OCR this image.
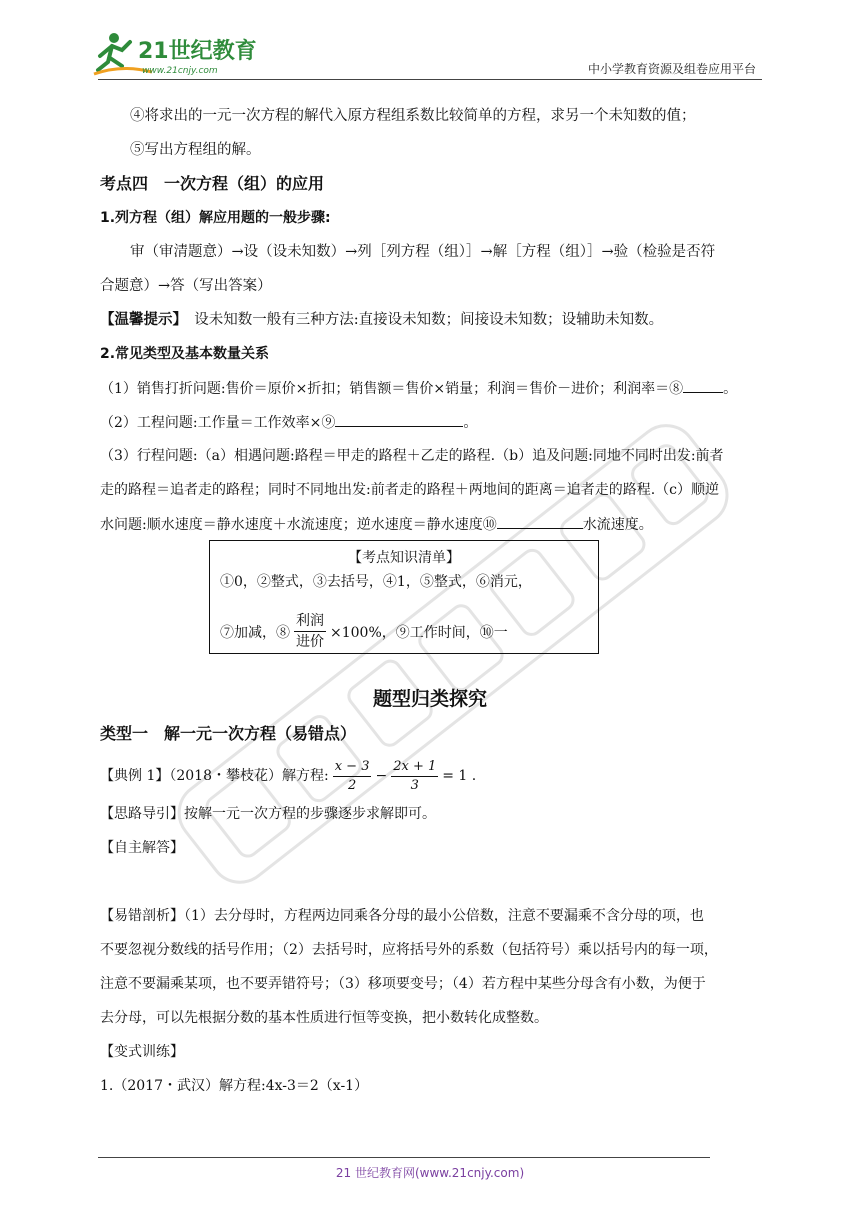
21世纪教育
www.21cnjy.com	中小学教育资源及组卷应用平台
④将求出的一元一次方程的解代入原方程组系数比较简单的方程，求另一个未知数的值；
⑤写出方程组的解。
考点四　一次方程（组）的应用
1.列方程（组）解应用题的一般步骤:
审（审清题意）→设（设未知数）→列［列方程（组）］→解［方程（组）］→验（检验是否符
合题意）→答（写出答案）
【温馨提示】　设未知数一般有三种方法:直接设未知数；间接设未知数；设辅助未知数。
2.常见类型及基本数量关系
（1）销售打折问题:售价＝原价×折扣；销售额＝售价×销量；利润＝售价－进价；利润率＝⑧	。
（2）工程问题:工作量＝工作效率×⑨	。
（3）行程问题:（a）相遇问题:路程＝甲走的路程＋乙走的路程.（b）追及问题:同地不同时出发:前者
走的路程＝追者走的路程；同时不同地出发:前者走的路程＋两地间的距离＝追者走的路程.（c）顺逆
水问题:顺水速度＝静水速度＋水流速度；逆水速度＝静水速度⑩	水流速度。
【考点知识清单】
①0，②整式，③去括号，④1，⑤整式，⑥消元，
⑦加减，⑧ $\frac{\text{利润}}{\text{进价}} \times 100\%$，⑨工作时间，⑩一
题型归类探究
类型一　解一元一次方程（易错点）
【典例 1】（2018・攀枝花）解方程: $\frac{x - 3}{2} - \frac{2x + 1}{3} = 1$ .
【思路导引】按解一元一次方程的步骤逐步求解即可。
【自主解答】
【易错剖析】（1）去分母时，方程两边同乘各分母的最小公倍数，注意不要漏乘不含分母的项，也
不要忽视分数线的括号作用；（2）去括号时，应将括号外的系数（包括符号）乘以括号内的每一项，
注意不要漏乘某项，也不要弄错符号；（3）移项要变号；（4）若方程中某些分母含有小数，为便于
去分母，可以先根据分数的基本性质进行恒等变换，把小数转化成整数。
【变式训练】
1.（2017・武汉）解方程:4x-3＝2（x-1）
21 世纪教育网(www.21cnjy.com)
